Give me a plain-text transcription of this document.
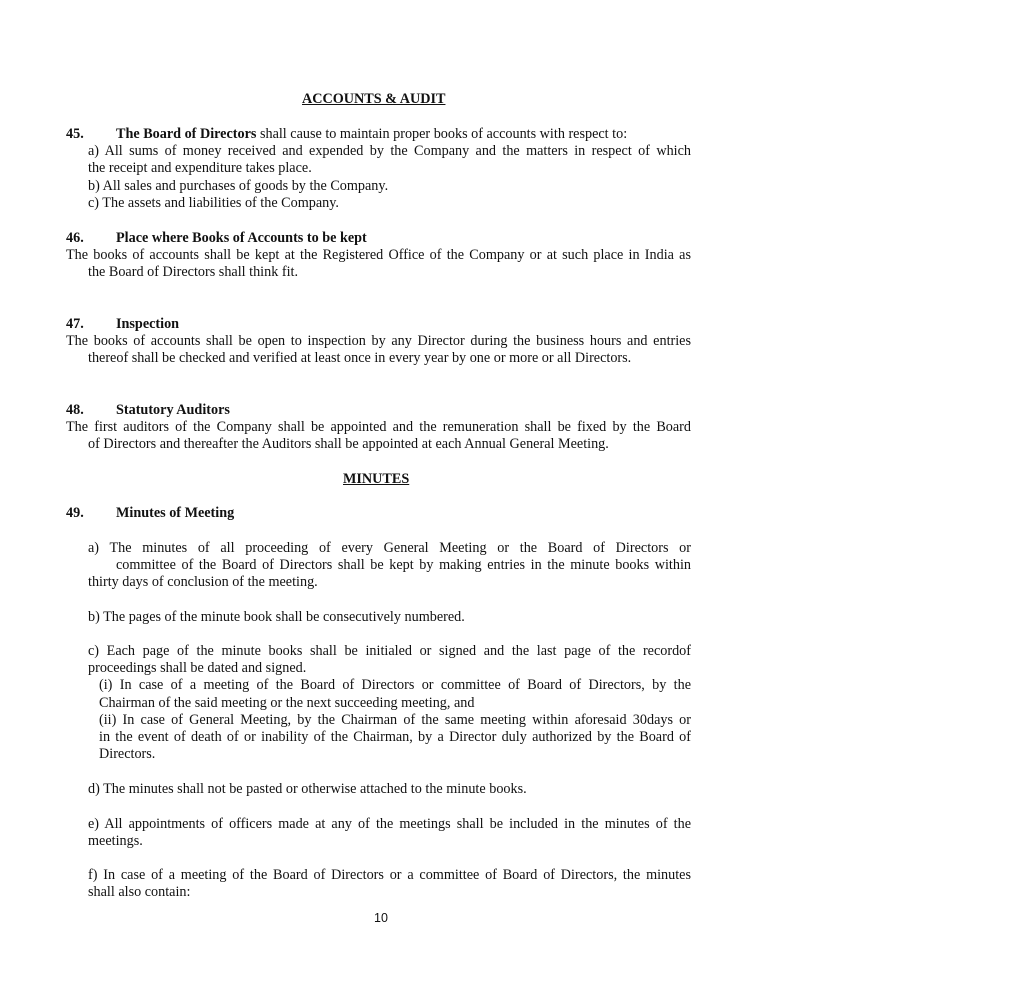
ACCOUNTS & AUDIT

45. The Board of Directors shall cause to maintain proper books of accounts with respect to:

a) All sums of money received and expended by the Company and the matters in respect of which

the receipt and expenditure takes place.

b) All sales and purchases of goods by the Company.

c) The assets and liabilities of the Company.

46. Place where Books of Accounts to be kept

The books of accounts shall be kept at the Registered Office of the Company or at such place in India as

the Board of Directors shall think fit.

47. Inspection

The books of accounts shall be open to inspection by any Director during the business hours and entries

thereof shall be checked and verified at least once in every year by one or more or all Directors.

48. Statutory Auditors

The first auditors of the Company shall be appointed and the remuneration shall be fixed by the Board

of Directors and thereafter the Auditors shall be appointed at each Annual General Meeting.

MINUTES

49. Minutes of Meeting

a) The minutes of all proceeding of every General Meeting or the Board of Directors or

committee of the Board of Directors shall be kept by making entries in the minute books within

thirty days of conclusion of the meeting.

b) The pages of the minute book shall be consecutively numbered.

c) Each page of the minute books shall be initialed or signed and the last page of the recordof

proceedings shall be dated and signed.

(i) In case of a meeting of the Board of Directors or committee of Board of Directors, by the

Chairman of the said meeting or the next succeeding meeting, and

(ii) In case of General Meeting, by the Chairman of the same meeting within aforesaid 30days or

in the event of death of or inability of the Chairman, by a Director duly authorized by the Board of

Directors.

d) The minutes shall not be pasted or otherwise attached to the minute books.

e) All appointments of officers made at any of the meetings shall be included in the minutes of the

meetings.

f) In case of a meeting of the Board of Directors or a committee of Board of Directors, the minutes

shall also contain:

10
